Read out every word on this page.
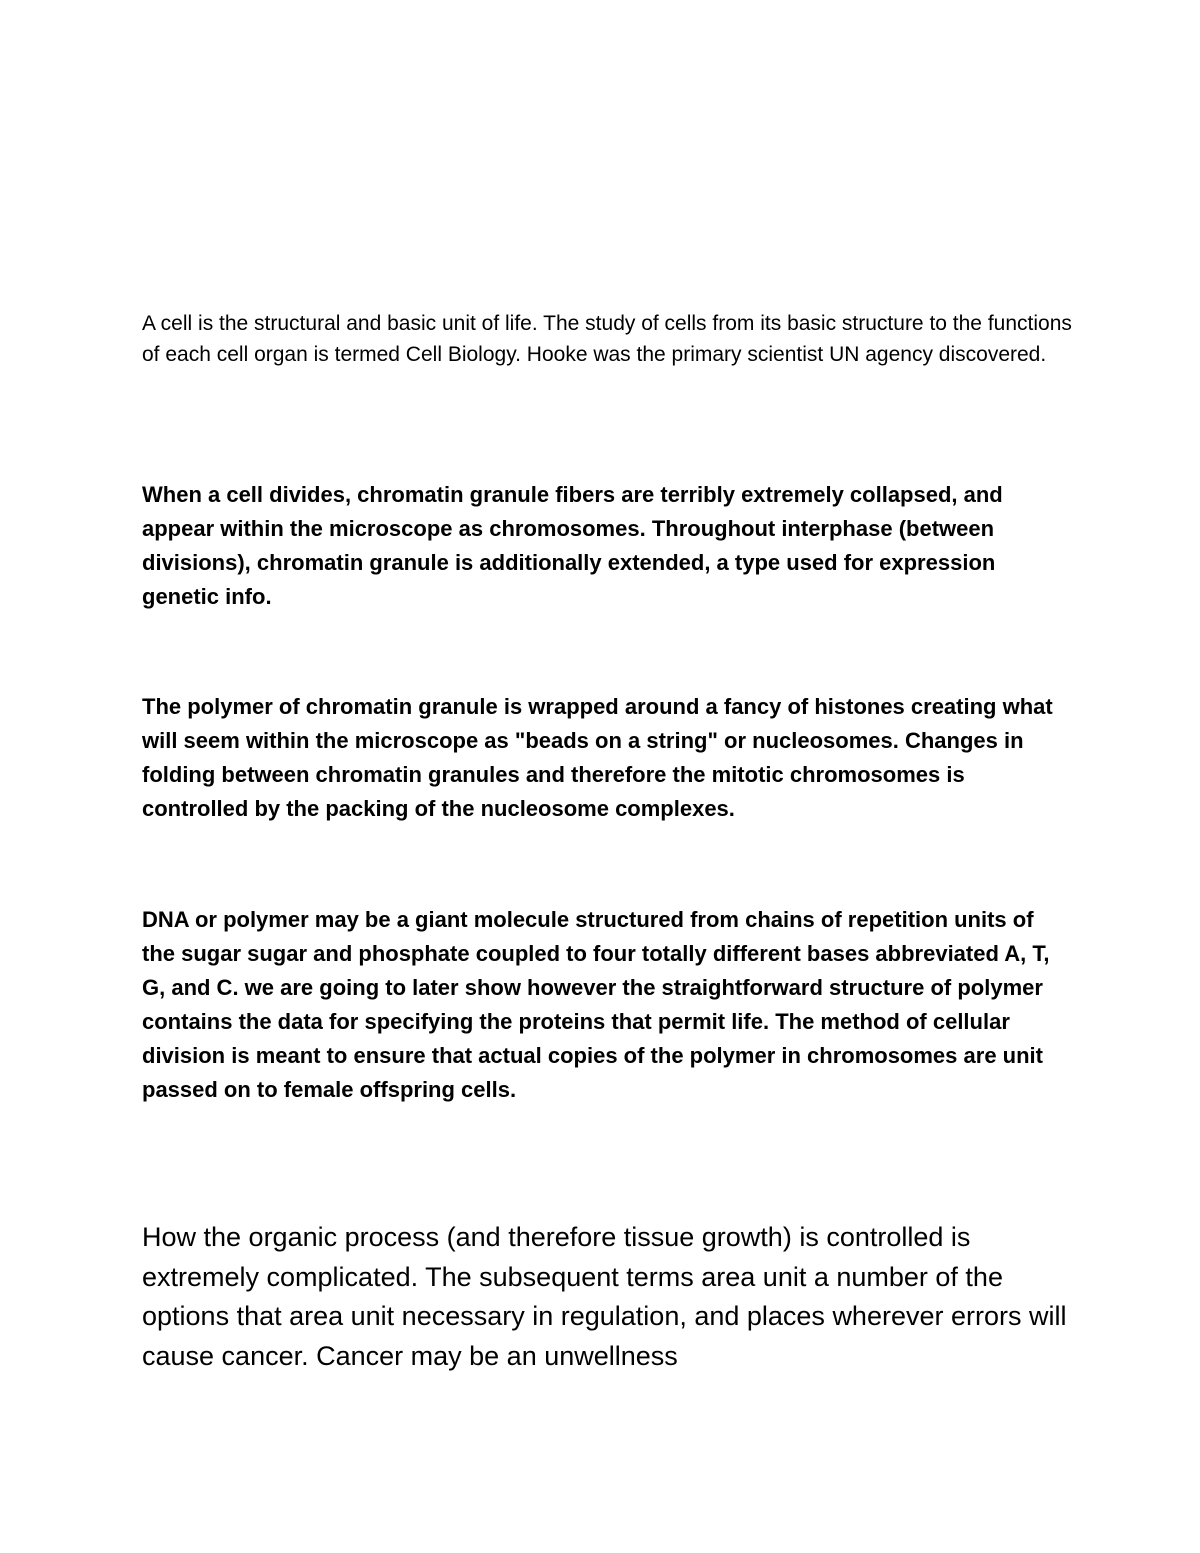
A cell is the structural and basic unit of life. The study of cells from its basic structure to the functions of each cell organ is termed Cell Biology. Hooke was the primary scientist UN agency discovered.

When a cell divides, chromatin granule fibers are terribly extremely collapsed, and appear within the microscope as chromosomes. Throughout interphase (between divisions), chromatin granule is additionally extended, a type used for expression genetic info.

The polymer of chromatin granule is wrapped around a fancy of histones creating what will seem within the microscope as "beads on a string" or nucleosomes. Changes in folding between chromatin granules and therefore the mitotic chromosomes is controlled by the packing of the nucleosome complexes.

DNA or polymer may be a giant molecule structured from chains of repetition units of the sugar sugar and phosphate coupled to four totally different bases abbreviated A, T, G, and C. we are going to later show however the straightforward structure of polymer contains the data for specifying the proteins that permit life. The method of cellular division is meant to ensure that actual copies of the polymer in chromosomes are unit passed on to female offspring cells.

How the organic process (and therefore tissue growth) is controlled is extremely complicated. The subsequent terms area unit a number of the options that area unit necessary in regulation, and places wherever errors will cause cancer. Cancer may be an unwellness
